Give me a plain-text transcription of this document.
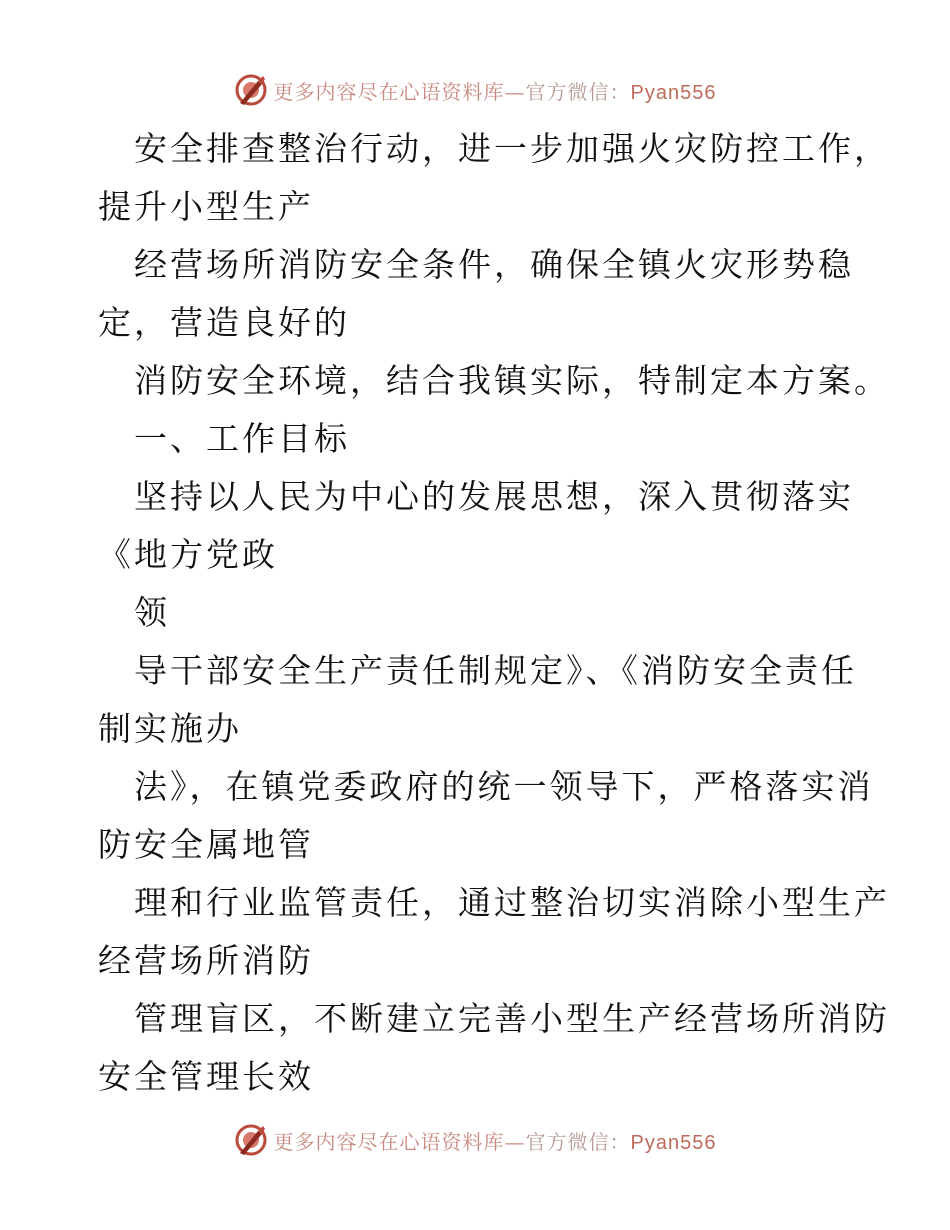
更多内容尽在心语资料库—官方微信：Pyan556
安全排查整治行动，进一步加强火灾防控工作，
提升小型生产
经营场所消防安全条件，确保全镇火灾形势稳
定，营造良好的
消防安全环境，结合我镇实际，特制定本方案。
一、工作目标
坚持以人民为中心的发展思想，深入贯彻落实
《地方党政
领
导干部安全生产责任制规定》、《消防安全责任
制实施办
法》，在镇党委政府的统一领导下，严格落实消
防安全属地管
理和行业监管责任，通过整治切实消除小型生产
经营场所消防
管理盲区，不断建立完善小型生产经营场所消防
安全管理长效
更多内容尽在心语资料库—官方微信：Pyan556
